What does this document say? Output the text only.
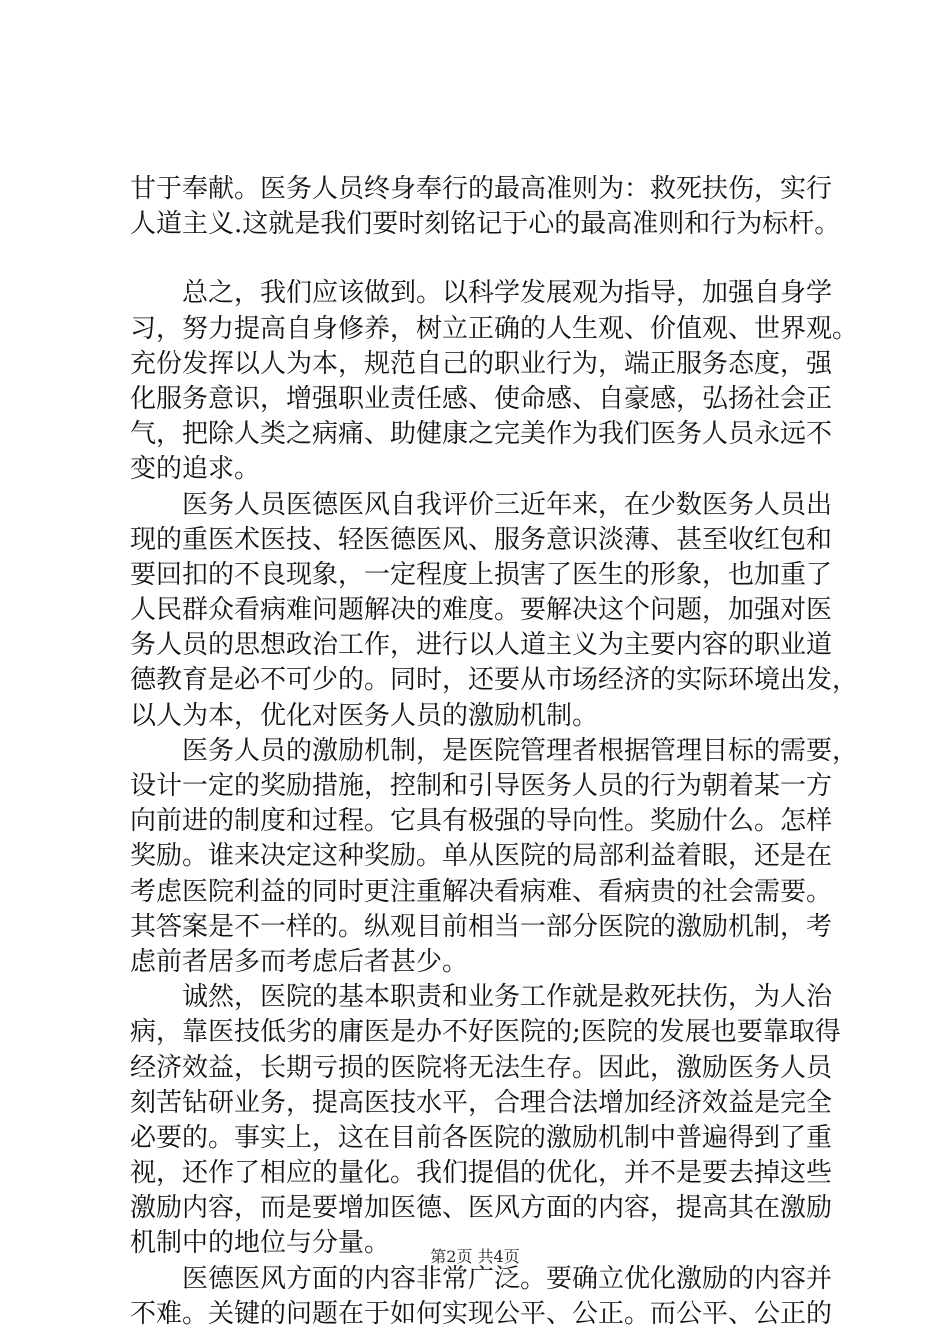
甘于奉献。医务人员终身奉行的最高准则为：救死扶伤，实行
人道主义.这就是我们要时刻铭记于心的最高准则和行为标杆。
　　总之，我们应该做到。以科学发展观为指导，加强自身学
习，努力提高自身修养，树立正确的人生观、价值观、世界观。
充份发挥以人为本，规范自己的职业行为，端正服务态度，强
化服务意识，增强职业责任感、使命感、自豪感，弘扬社会正
气，把除人类之病痛、助健康之完美作为我们医务人员永远不
变的追求。
　　医务人员医德医风自我评价三近年来，在少数医务人员出
现的重医术医技、轻医德医风、服务意识淡薄、甚至收红包和
要回扣的不良现象，一定程度上损害了医生的形象，也加重了
人民群众看病难问题解决的难度。要解决这个问题，加强对医
务人员的思想政治工作，进行以人道主义为主要内容的职业道
德教育是必不可少的。同时，还要从市场经济的实际环境出发，
以人为本，优化对医务人员的激励机制。
　　医务人员的激励机制，是医院管理者根据管理目标的需要，
设计一定的奖励措施，控制和引导医务人员的行为朝着某一方
向前进的制度和过程。它具有极强的导向性。奖励什么。怎样
奖励。谁来决定这种奖励。单从医院的局部利益着眼，还是在
考虑医院利益的同时更注重解决看病难、看病贵的社会需要。
其答案是不一样的。纵观目前相当一部分医院的激励机制，考
虑前者居多而考虑后者甚少。
　　诚然，医院的基本职责和业务工作就是救死扶伤，为人治
病，靠医技低劣的庸医是办不好医院的;医院的发展也要靠取得
经济效益，长期亏损的医院将无法生存。因此，激励医务人员
刻苦钻研业务，提高医技水平，合理合法增加经济效益是完全
必要的。事实上，这在目前各医院的激励机制中普遍得到了重
视，还作了相应的量化。我们提倡的优化，并不是要去掉这些
激励内容，而是要增加医德、医风方面的内容，提高其在激励
机制中的地位与分量。
　　医德医风方面的内容非常广泛。要确立优化激励的内容并
不难。关键的问题在于如何实现公平、公正。而公平、公正的
第2页 共4页
